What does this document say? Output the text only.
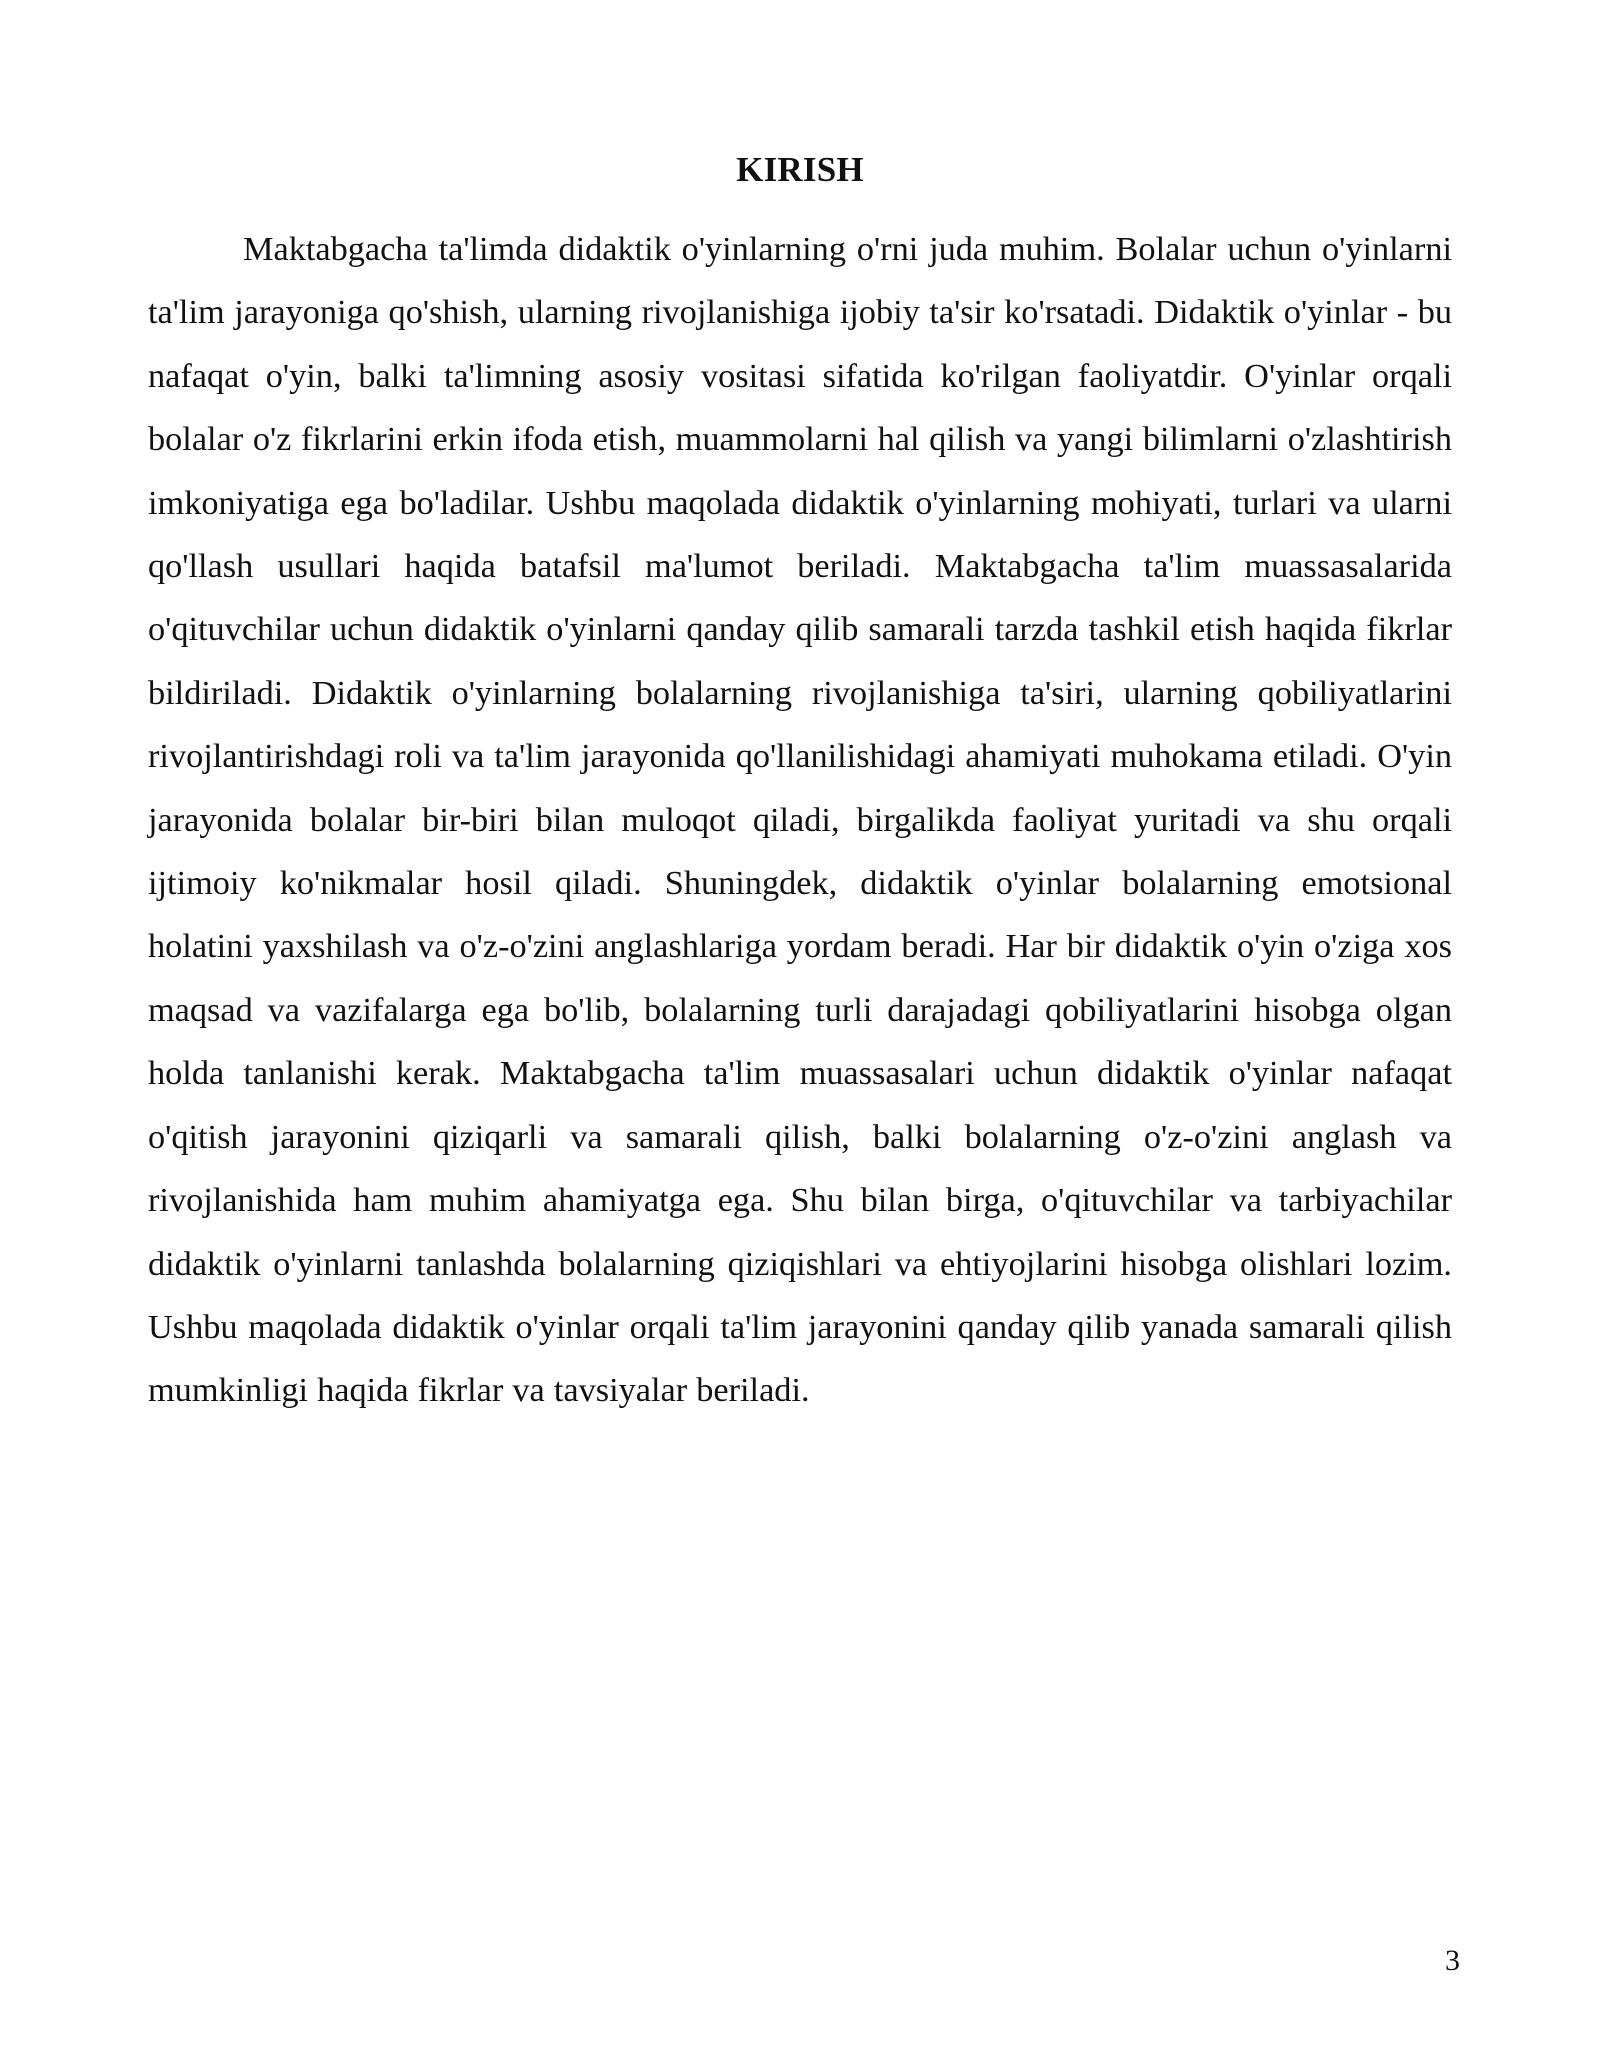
KIRISH

Maktabgacha ta'limda didaktik o'yinlarning o'rni juda muhim. Bolalar uchun o'yinlarni ta'lim jarayoniga qo'shish, ularning rivojlanishiga ijobiy ta'sir ko'rsatadi. Didaktik o'yinlar - bu nafaqat o'yin, balki ta'limning asosiy vositasi sifatida ko'rilgan faoliyatdir. O'yinlar orqali bolalar o'z fikrlarini erkin ifoda etish, muammolarni hal qilish va yangi bilimlarni o'zlashtirish imkoniyatiga ega bo'ladilar. Ushbu maqolada didaktik o'yinlarning mohiyati, turlari va ularni qo'llash usullari haqida batafsil ma'lumot beriladi. Maktabgacha ta'lim muassasalarida o'qituvchilar uchun didaktik o'yinlarni qanday qilib samarali tarzda tashkil etish haqida fikrlar bildiriladi. Didaktik o'yinlarning bolalarning rivojlanishiga ta'siri, ularning qobiliyatlarini rivojlantirishdagi roli va ta'lim jarayonida qo'llanilishidagi ahamiyati muhokama etiladi. O'yin jarayonida bolalar bir-biri bilan muloqot qiladi, birgalikda faoliyat yuritadi va shu orqali ijtimoiy ko'nikmalar hosil qiladi. Shuningdek, didaktik o'yinlar bolalarning emotsional holatini yaxshilash va o'z-o'zini anglashlariga yordam beradi. Har bir didaktik o'yin o'ziga xos maqsad va vazifalarga ega bo'lib, bolalarning turli darajadagi qobiliyatlarini hisobga olgan holda tanlanishi kerak. Maktabgacha ta'lim muassasalari uchun didaktik o'yinlar nafaqat o'qitish jarayonini qiziqarli va samarali qilish, balki bolalarning o'z-o'zini anglash va rivojlanishida ham muhim ahamiyatga ega. Shu bilan birga, o'qituvchilar va tarbiyachilar didaktik o'yinlarni tanlashda bolalarning qiziqishlari va ehtiyojlarini hisobga olishlari lozim. Ushbu maqolada didaktik o'yinlar orqali ta'lim jarayonini qanday qilib yanada samarali qilish mumkinligi haqida fikrlar va tavsiyalar beriladi.

3
